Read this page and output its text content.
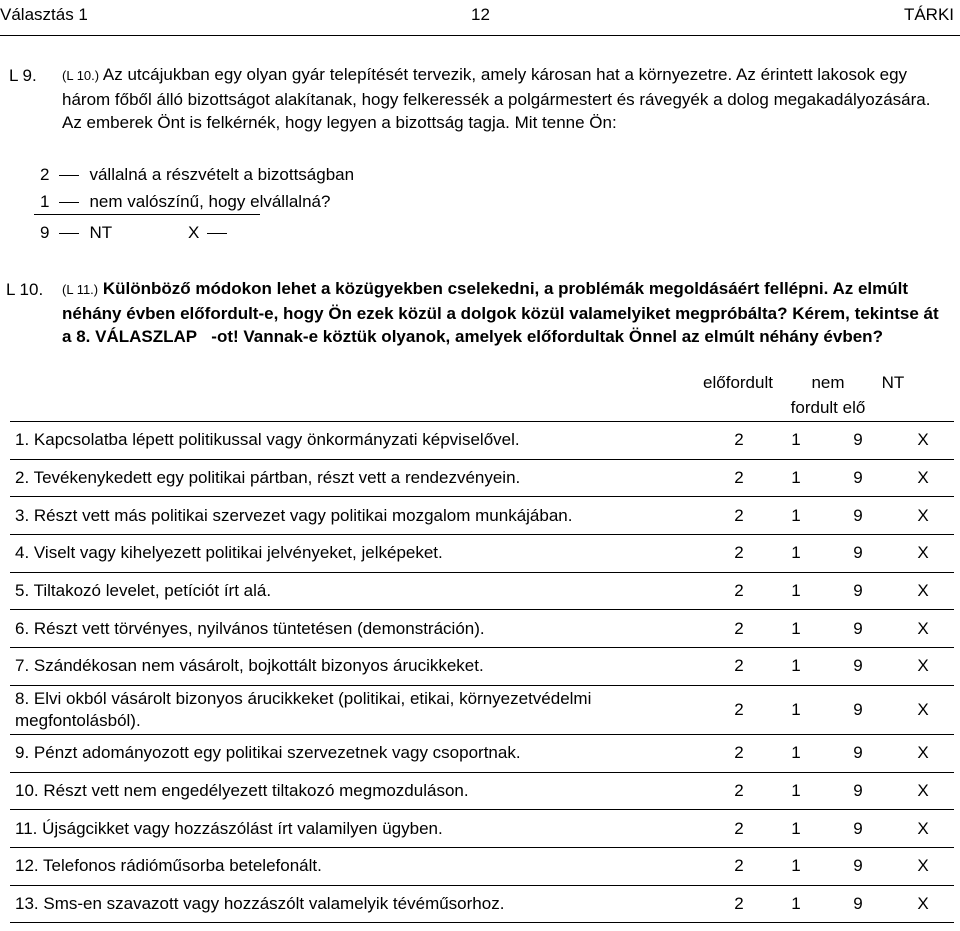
Választás 1	12	TÁRKI
L 9. (L 10.) Az utcájukban egy olyan gyár telepítését tervezik, amely károsan hat a környezetre. Az érintett lakosok egy három főből álló bizottságot alakítanak, hogy felkeressék a polgármestert és rávegyék a dolog megakadályozására. Az emberek Önt is felkérnék, hogy legyen a bizottság tagja. Mit tenne Ön:
2 vállalná a részvételt a bizottságban
1 nem valószínű, hogy elvállalná?
9 NT	X
L 10. (L 11.) Különböző módokon lehet a közügyekben cselekedni, a problémák megoldásáért fellépni. Az elmúlt néhány évben előfordult-e, hogy Ön ezek közül a dolgok közül valamelyiket megpróbálta? Kérem, tekintse át a 8. VÁLASZLAP -ot! Vannak-e köztük olyanok, amelyek előfordultak Önnel az elmúlt néhány évben?
előfordult	nem
fordult elő
NT
1. Kapcsolatba lépett politikussal vagy önkormányzati képviselővel.	2	1	9	X
2. Tevékenykedett egy politikai pártban, részt vett a rendezvényein.	2	1	9	X
3. Részt vett más politikai szervezet vagy politikai mozgalom munkájában.	2	1	9	X
4. Viselt vagy kihelyezett politikai jelvényeket, jelképeket.	2	1	9	X
5. Tiltakozó levelet, petíciót írt alá.	2	1	9	X
6. Részt vett törvényes, nyilvános tüntetésen (demonstráción).	2	1	9	X
7. Szándékosan nem vásárolt, bojkottált bizonyos árucikkeket.	2	1	9	X
8. Elvi okból vásárolt bizonyos árucikkeket (politikai, etikai, környezetvédelmi megfontolásból).	2	1	9	X
9. Pénzt adományozott egy politikai szervezetnek vagy csoportnak.	2	1	9	X
10. Részt vett nem engedélyezett tiltakozó megmozduláson.	2	1	9	X
11. Újságcikket vagy hozzászólást írt valamilyen ügyben.	2	1	9	X
12. Telefonos rádióműsorba betelefonált.	2	1	9	X
13. Sms-en szavazott vagy hozzászólt valamelyik tévéműsorhoz.	2	1	9	X
